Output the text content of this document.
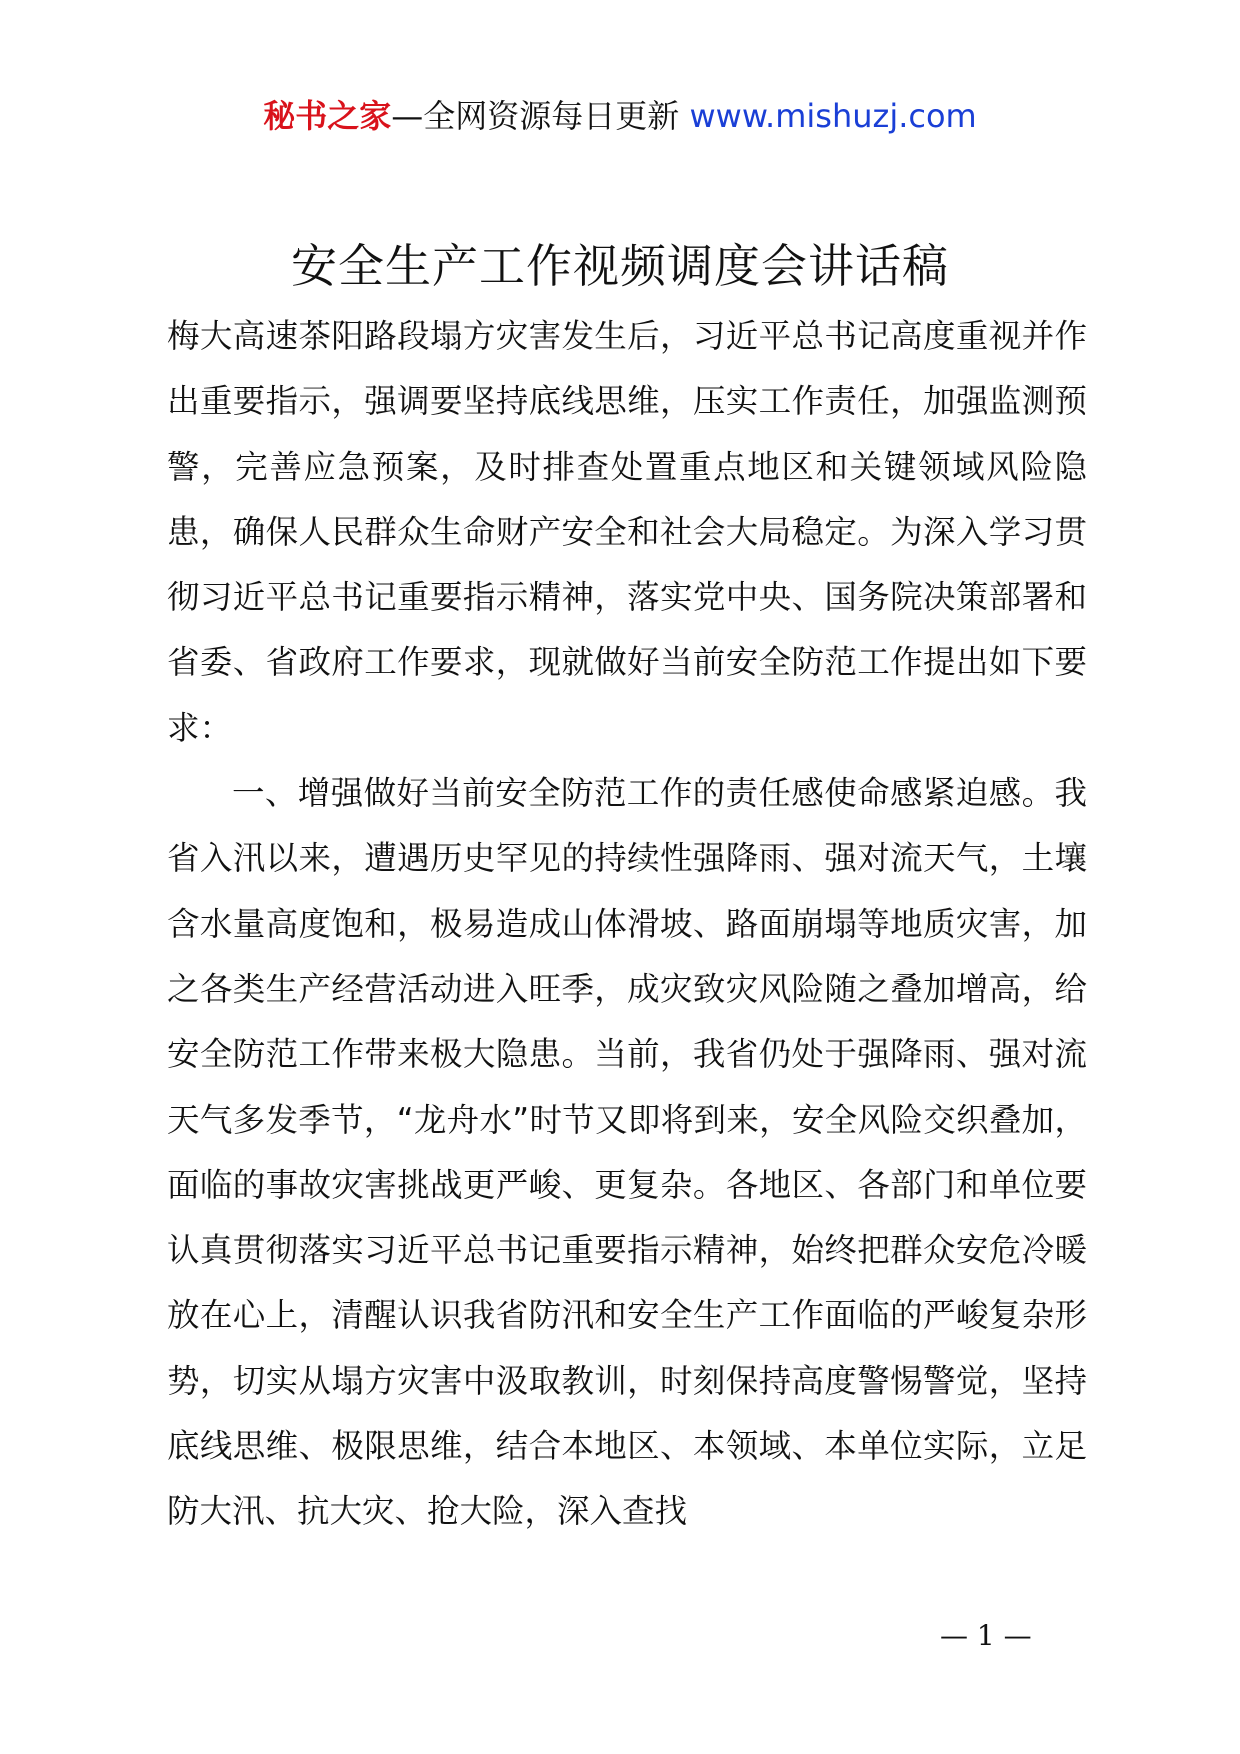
秘书之家—全网资源每日更新 www.mishuzj.com
安全生产工作视频调度会讲话稿

梅大高速茶阳路段塌方灾害发生后，习近平总书记高度重视并作出重要指示，强调要坚持底线思维，压实工作责任，加强监测预警，完善应急预案，及时排查处置重点地区和关键领域风险隐患，确保人民群众生命财产安全和社会大局稳定。为深入学习贯彻习近平总书记重要指示精神，落实党中央、国务院决策部署和省委、省政府工作要求，现就做好当前安全防范工作提出如下要求：

一、增强做好当前安全防范工作的责任感使命感紧迫感。我省入汛以来，遭遇历史罕见的持续性强降雨、强对流天气，土壤含水量高度饱和，极易造成山体滑坡、路面崩塌等地质灾害，加之各类生产经营活动进入旺季，成灾致灾风险随之叠加增高，给安全防范工作带来极大隐患。当前，我省仍处于强降雨、强对流天气多发季节，“龙舟水”时节又即将到来，安全风险交织叠加，面临的事故灾害挑战更严峻、更复杂。各地区、各部门和单位要认真贯彻落实习近平总书记重要指示精神，始终把群众安危冷暖放在心上，清醒认识我省防汛和安全生产工作面临的严峻复杂形势，切实从塌方灾害中汲取教训，时刻保持高度警惕警觉，坚持底线思维、极限思维，结合本地区、本领域、本单位实际，立足防大汛、抗大灾、抢大险，深入查找

— 1 —
